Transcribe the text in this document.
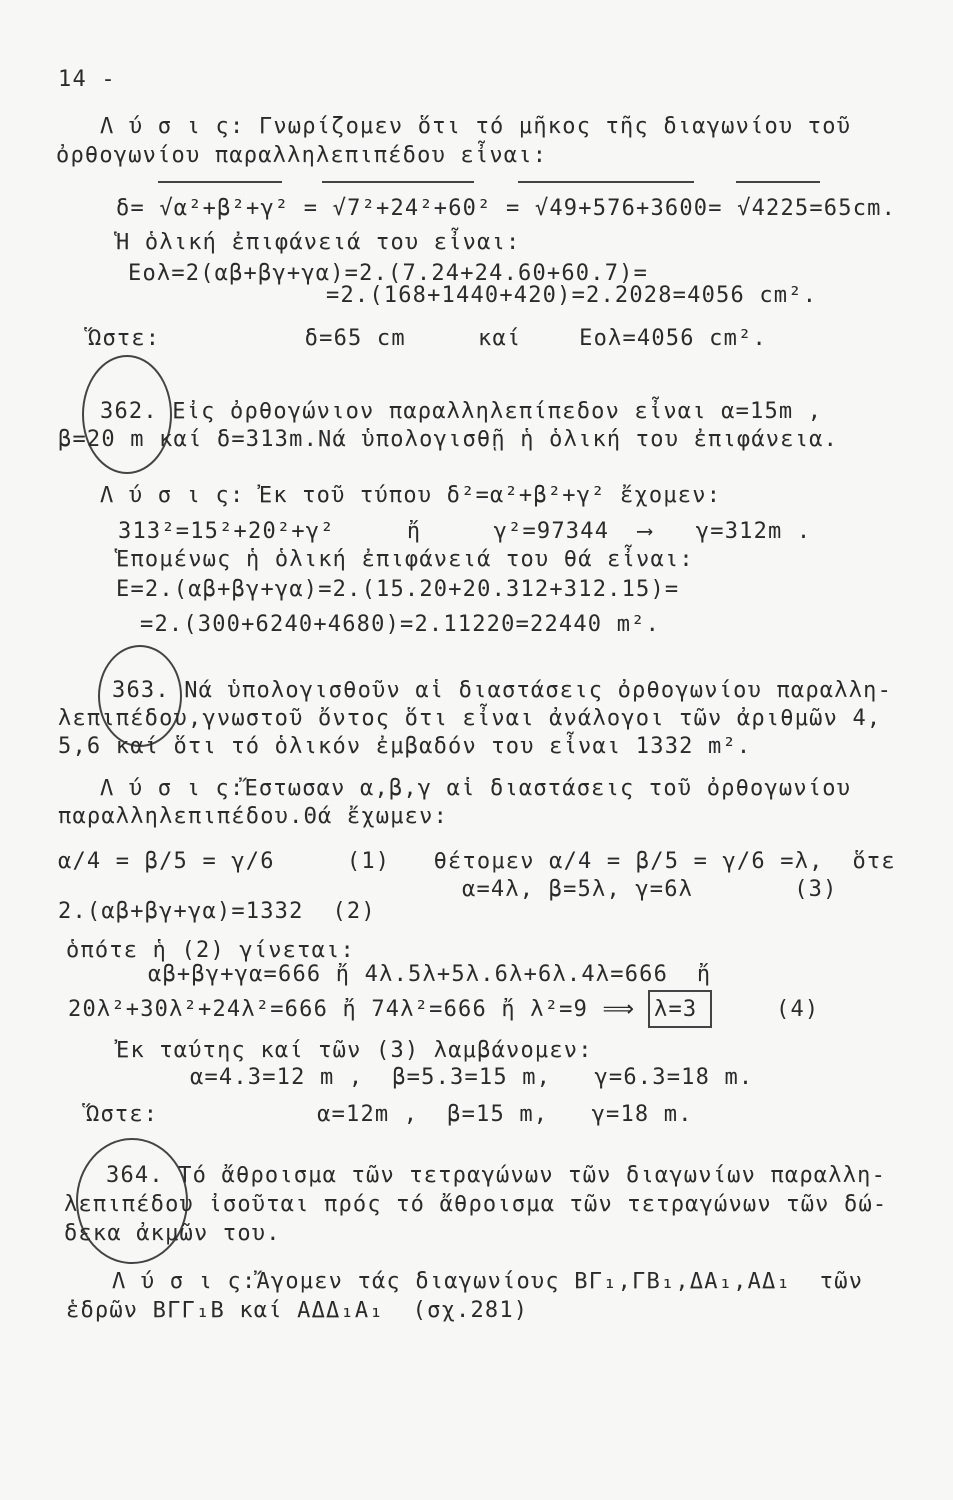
14 -
Λ ύ σ ι ς: Γνωρίζομεν ὅτι τό μῆκος τῆς διαγωνίου τοῦ
ὀρθογωνίου παραλληλεπιπέδου εἶναι:
δ= √α²+β²+γ² = √7²+24²+60² = √49+576+3600= √4225=65cm.
Ἡ ὁλική ἐπιφάνειά του εἶναι:
Eολ=2(αβ+βγ+γα)=2.(7.24+24.60+60.7)=
=2.(168+1440+420)=2.2028=4056 cm².
Ὥστε:          δ=65 cm     καί    Eολ=4056 cm².
362. Εἰς ὀρθογώνιον παραλληλεπίπεδον εἶναι α=15m ,
β=20 m καί δ=313m.Νά ὑπολογισθῇ ἡ ὁλική του ἐπιφάνεια.
Λ ύ σ ι ς: Ἐκ τοῦ τύπου δ²=α²+β²+γ² ἔχομεν:
313²=15²+20²+γ²     ἤ     γ²=97344  ⟶   γ=312m .
Ἑπομένως ἡ ὁλική ἐπιφάνειά του θά εἶναι:
E=2.(αβ+βγ+γα)=2.(15.20+20.312+312.15)=
=2.(300+6240+4680)=2.11220=22440 m².
363. Νά ὑπολογισθοῦν αἱ διαστάσεις ὀρθογωνίου παραλλη-
λεπιπέδου,γνωστοῦ ὄντος ὅτι εἶναι ἀνάλογοι τῶν ἀριθμῶν 4,
5,6 καί ὅτι τό ὁλικόν ἐμβαδόν του εἶναι 1332 m².
Λ ύ σ ι ς:Ἔστωσαν α,β,γ αἱ διαστάσεις τοῦ ὀρθογωνίου
παραλληλεπιπέδου.Θά ἔχωμεν:
α/4 = β/5 = γ/6     (1)   θέτομεν α/4 = β/5 = γ/6 =λ,  ὅτε
α=4λ, β=5λ, γ=6λ       (3)
2.(αβ+βγ+γα)=1332  (2)
ὁπότε ἡ (2) γίνεται:
αβ+βγ+γα=666 ἤ 4λ.5λ+5λ.6λ+6λ.4λ=666  ἤ
20λ²+30λ²+24λ²=666 ἤ 74λ²=666 ἤ λ²=9 ⟹ λ=3	(4)
Ἐκ ταύτης καί τῶν (3) λαμβάνομεν:
α=4.3=12 m ,  β=5.3=15 m,   γ=6.3=18 m.
Ὥστε:           α=12m ,  β=15 m,   γ=18 m.
364. Τό ἄθροισμα τῶν τετραγώνων τῶν διαγωνίων παραλλη-
λεπιπέδου ἰσοῦται πρός τό ἄθροισμα τῶν τετραγώνων τῶν δώ-
δεκα ἀκμῶν του.
Λ ύ σ ι ς:Ἄγομεν τάς διαγωνίους ΒΓ₁,ΓΒ₁,ΔΑ₁,ΑΔ₁  τῶν
ἑδρῶν ΒΓΓ₁Β καί ΑΔΔ₁Α₁  (σχ.281)
